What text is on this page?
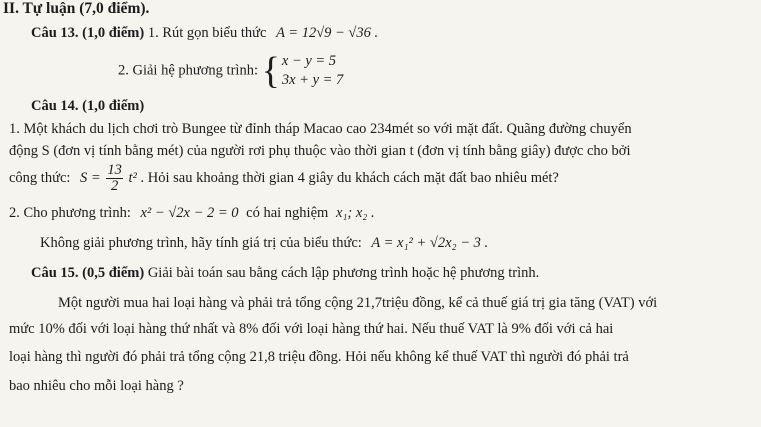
II. Tự luận (7,0 điểm).
Câu 13. (1,0 điểm) 1. Rút gọn biểu thức A = 12√9 − √36 .
2. Giải hệ phương trình: { x − y = 5
3x + y = 7
Câu 14. (1,0 điểm)
1. Một khách du lịch chơi trò Bungee từ đỉnh tháp Macao cao 234mét so với mặt đất. Quãng đường chuyển
động S (đơn vị tính bằng mét) của người rơi phụ thuộc vào thời gian t (đơn vị tính bằng giây) được cho bởi
công thức: $S = \frac{13}{2} t^2$ . Hỏi sau khoảng thời gian 4 giây du khách cách mặt đất bao nhiêu mét?
2. Cho phương trình: x² − √2x − 2 = 0 có hai nghiệm x₁; x₂ .
Không giải phương trình, hãy tính giá trị của biểu thức: A = x₁² + √2x₂ − 3 .
Câu 15. (0,5 điểm) Giải bài toán sau bằng cách lập phương trình hoặc hệ phương trình.
Một người mua hai loại hàng và phải trả tổng cộng 21,7triệu đồng, kể cả thuế giá trị gia tăng (VAT) với
mức 10% đối với loại hàng thứ nhất và 8% đối với loại hàng thứ hai. Nếu thuế VAT là 9% đối với cả hai
loại hàng thì người đó phải trả tổng cộng 21,8 triệu đồng. Hỏi nếu không kể thuế VAT thì người đó phải trả
bao nhiêu cho mỗi loại hàng ?
